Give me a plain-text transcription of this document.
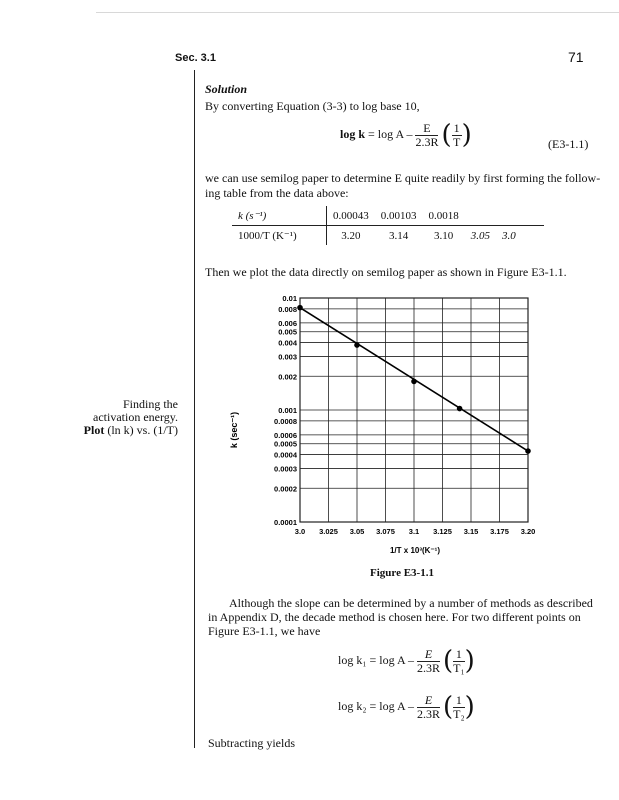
Sec. 3.1	71
Solution
By converting Equation (3-3) to log base 10,
$\log k = \log A - \frac{E}{2.3R}$ ( $\frac{1}{T}$ )	(E3-1.1)
we can use semilog paper to determine E quite readily by first forming the follow-
ing table from the data above:
k (s⁻¹)	0.00043	0.00103	0.0018		
1000/T (K⁻¹)	3.20	3.14	3.10	3.05	3.0
Then we plot the data directly on semilog paper as shown in Figure E3-1.1.
Finding the
activation energy.
Plot (ln k) vs. (1/T)
0.01
0.008
0.006
0.005
0.004
0.003
0.002
0.001
0.0008
0.0006
0.0005
0.0004
0.0003
0.0002
0.0001
3.0 3.025 3.05 3.075 3.1 3.125 3.15 3.175 3.20
k (sec⁻¹)
1/T x 10³(K⁻¹)
Figure E3-1.1
Although the slope can be determined by a number of methods as described
in Appendix D, the decade method is chosen here. For two different points on
Figure E3-1.1, we have
$\log k_1 = \log A - \frac{E}{2.3R}$ ( $\frac{1}{\text{T₁}}$ )
$\log k_2 = \log A - \frac{E}{2.3R}$ ( $\frac{1}{\text{T₂}}$ )
Subtracting yields
